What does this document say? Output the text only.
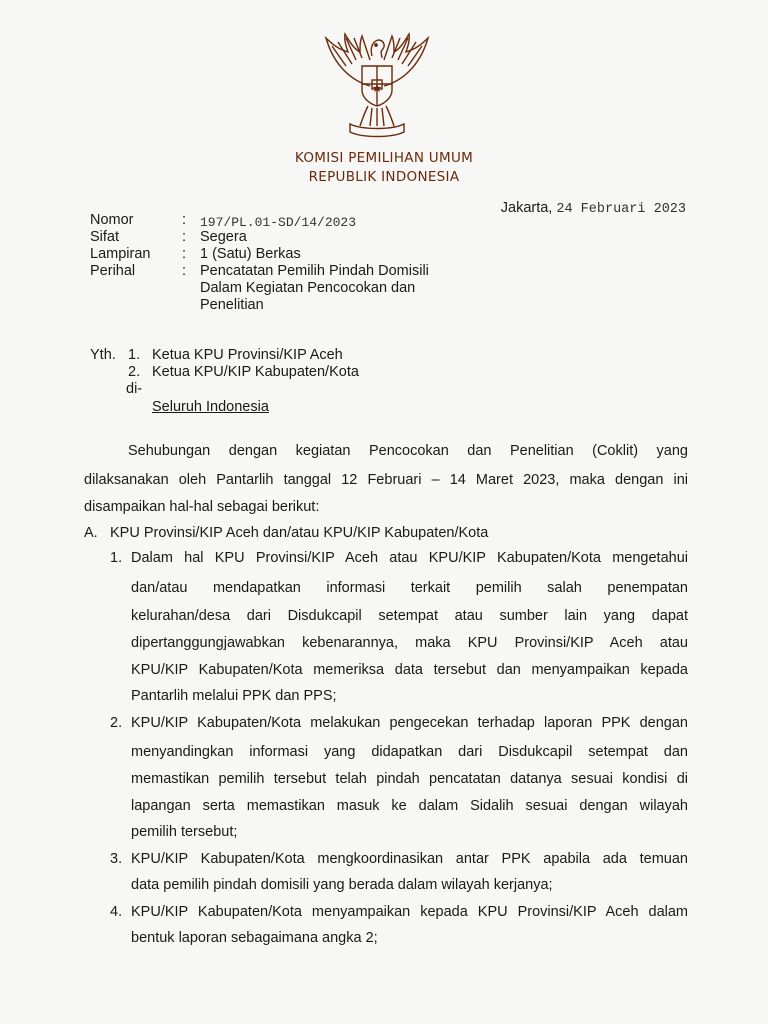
KOMISI PEMILIHAN UMUM
REPUBLIK INDONESIA
Jakarta, 24 Februari 2023
Nomor	: 197/PL.01-SD/14/2023
Sifat	: Segera
Lampiran : 1 (Satu) Berkas
Perihal	: Pencatatan Pemilih Pindah Domisili
Dalam Kegiatan Pencocokan dan
Penelitian
Yth. 1. Ketua KPU Provinsi/KIP Aceh
2. Ketua KPU/KIP Kabupaten/Kota
di-
Seluruh Indonesia
Sehubungan dengan kegiatan Pencocokan dan Penelitian (Coklit) yang
dilaksanakan oleh Pantarlih tanggal 12 Februari – 14 Maret 2023, maka dengan ini
disampaikan hal-hal sebagai berikut:
A. KPU Provinsi/KIP Aceh dan/atau KPU/KIP Kabupaten/Kota
1. Dalam hal KPU Provinsi/KIP Aceh atau KPU/KIP Kabupaten/Kota mengetahui
dan/atau mendapatkan informasi terkait pemilih salah penempatan
kelurahan/desa dari Disdukcapil setempat atau sumber lain yang dapat
dipertanggungjawabkan kebenarannya, maka KPU Provinsi/KIP Aceh atau
KPU/KIP Kabupaten/Kota memeriksa data tersebut dan menyampaikan kepada
Pantarlih melalui PPK dan PPS;
2. KPU/KIP Kabupaten/Kota melakukan pengecekan terhadap laporan PPK dengan
menyandingkan informasi yang didapatkan dari Disdukcapil setempat dan
memastikan pemilih tersebut telah pindah pencatatan datanya sesuai kondisi di
lapangan serta memastikan masuk ke dalam Sidalih sesuai dengan wilayah
pemilih tersebut;
3. KPU/KIP Kabupaten/Kota mengkoordinasikan antar PPK apabila ada temuan
data pemilih pindah domisili yang berada dalam wilayah kerjanya;
4. KPU/KIP Kabupaten/Kota menyampaikan kepada KPU Provinsi/KIP Aceh dalam
bentuk laporan sebagaimana angka 2;
